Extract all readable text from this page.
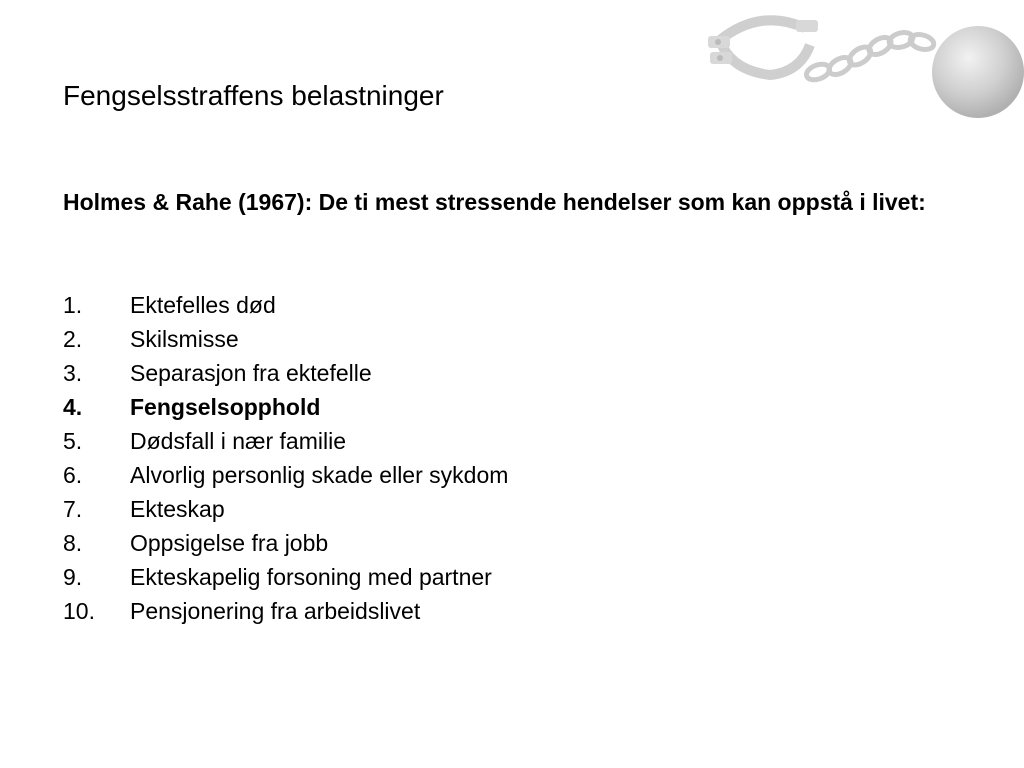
Fengselsstraffens belastninger
Holmes & Rahe (1967): De ti mest stressende hendelser som kan oppstå i livet:
1.	Ektefelles død
2.	Skilsmisse
3.	Separasjon fra ektefelle
4.	Fengselsopphold
5.	Dødsfall i nær familie
6.	Alvorlig personlig skade eller sykdom
7.	Ekteskap
8.	Oppsigelse fra jobb
9.	Ekteskapelig forsoning med partner
10.	Pensjonering fra arbeidslivet
